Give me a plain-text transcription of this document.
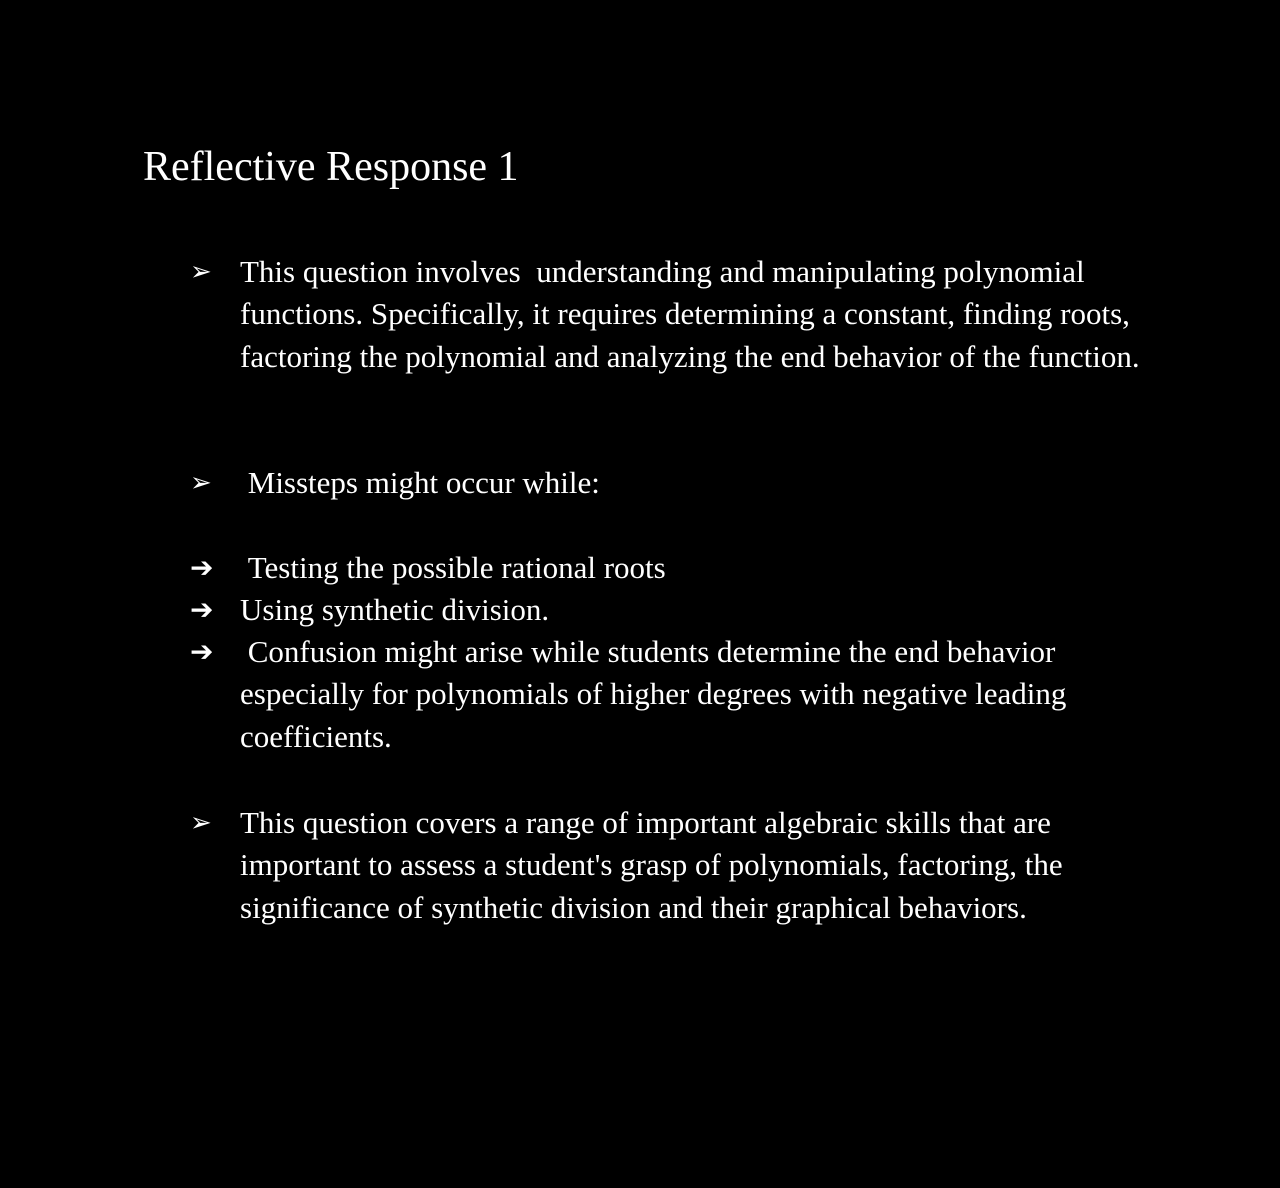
Reflective Response 1
➢ This question involves  understanding and manipulating polynomial functions. Specifically, it requires determining a constant, finding roots, factoring the polynomial and analyzing the end behavior of the function.
➢ Missteps might occur while:
➔ Testing the possible rational roots
➔ Using synthetic division.
➔ Confusion might arise while students determine the end behavior especially for polynomials of higher degrees with negative leading coefficients.
➢ This question covers a range of important algebraic skills that are important to assess a student's grasp of polynomials, factoring, the significance of synthetic division and their graphical behaviors.
